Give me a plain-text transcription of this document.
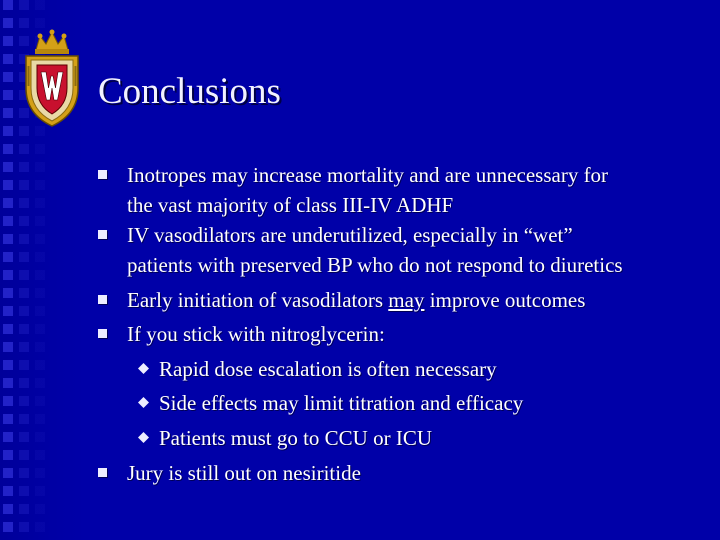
Conclusions
Inotropes may increase mortality and are unnecessary for
the vast majority of class III-IV ADHF
IV vasodilators are underutilized, especially in “wet”
patients with preserved BP who do not respond to diuretics
Early initiation of vasodilators may improve outcomes
If you stick with nitroglycerin:
Rapid dose escalation is often necessary
Side effects may limit titration and efficacy
Patients must go to CCU or ICU
Jury is still out on nesiritide
